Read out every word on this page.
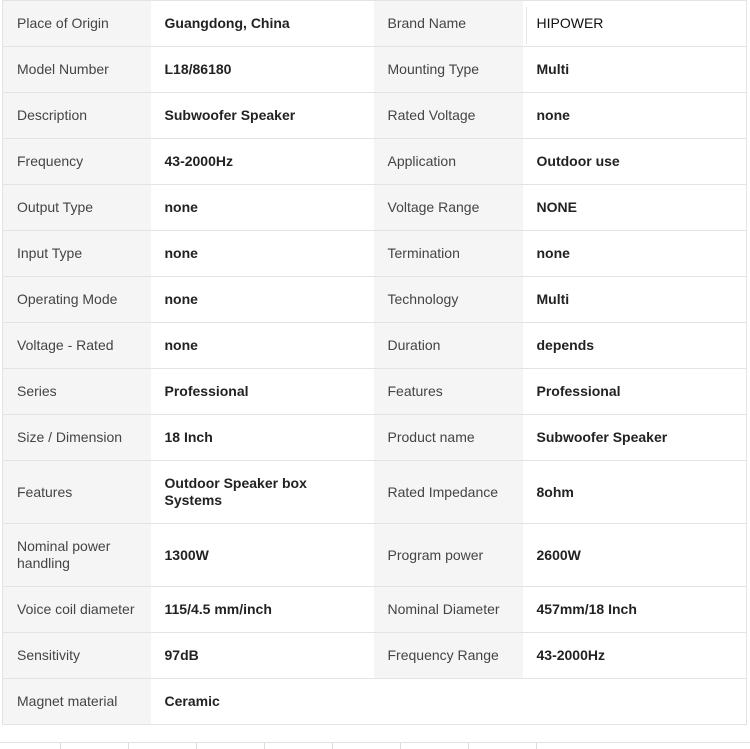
Place of Origin	Guangdong, China	Brand Name	HIPOWER
Model Number	L18/86180	Mounting Type	Multi
Description	Subwoofer Speaker	Rated Voltage	none
Frequency	43-2000Hz	Application	Outdoor use
Output Type	none	Voltage Range	NONE
Input Type	none	Termination	none
Operating Mode	none	Technology	Multi
Voltage - Rated	none	Duration	depends
Series	Professional	Features	Professional
Size / Dimension	18 Inch	Product name	Subwoofer Speaker
Features	Outdoor Speaker box Systems	Rated Impedance	8ohm
Nominal power handling	1300W	Program power	2600W
Voice coil diameter	115/4.5 mm/inch	Nominal Diameter	457mm/18 Inch
Sensitivity	97dB	Frequency Range	43-2000Hz
Magnet material	Ceramic		
